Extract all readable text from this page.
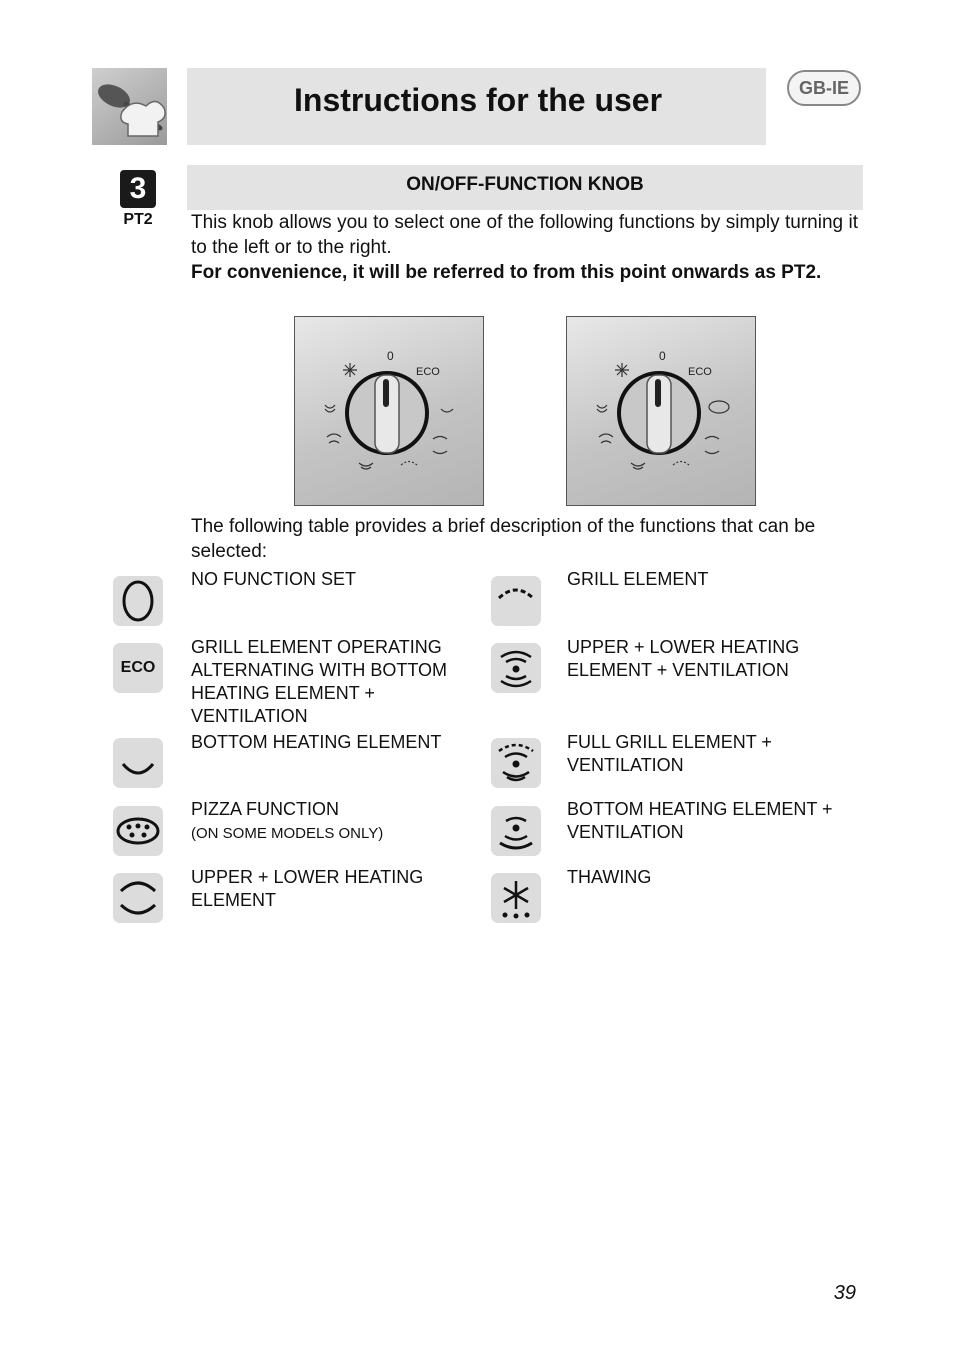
Instructions for the user	GB-IE
3
PT2
ON/OFF-FUNCTION KNOB
This knob allows you to select one of the following functions by simply turning it to the left or to the right.
For convenience, it will be referred to from this point onwards as PT2.
0
ECO
0
ECO
The following table provides a brief description of the functions that can be selected:
NO FUNCTION SET
ECO
GRILL ELEMENT OPERATING ALTERNATING WITH BOTTOM HEATING ELEMENT + VENTILATION
BOTTOM HEATING ELEMENT
PIZZA FUNCTION
(ON SOME MODELS ONLY)
UPPER + LOWER HEATING ELEMENT
GRILL ELEMENT
UPPER + LOWER HEATING ELEMENT + VENTILATION
FULL GRILL ELEMENT + VENTILATION
BOTTOM HEATING ELEMENT + VENTILATION
THAWING
39
